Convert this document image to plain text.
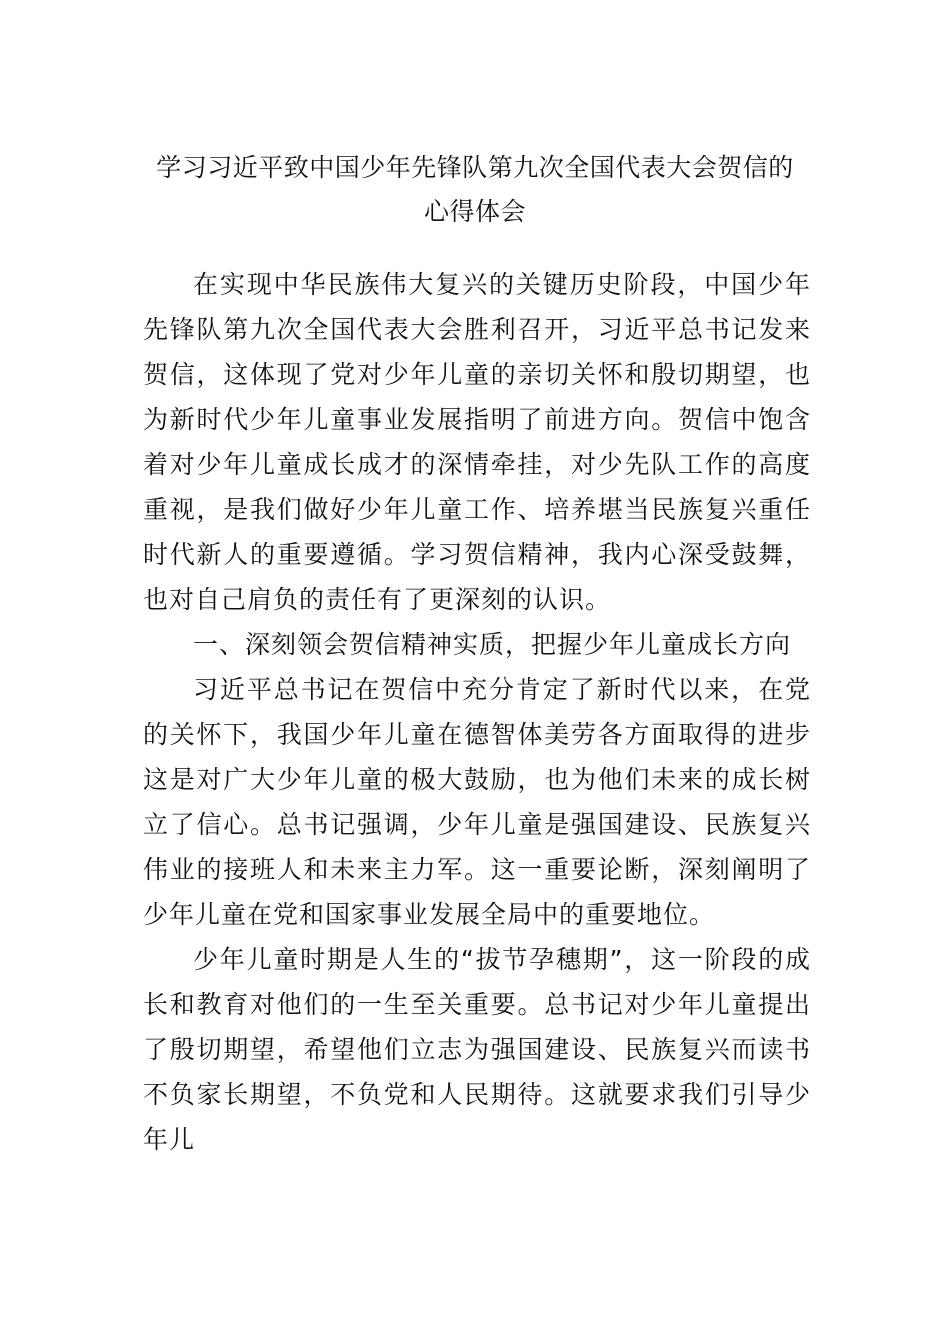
学习习近平致中国少年先锋队第九次全国代表大会贺信的
心得体会

在实现中华民族伟大复兴的关键历史阶段，中国少年先锋队第九次全国代表大会胜利召开，习近平总书记发来贺信，这体现了党对少年儿童的亲切关怀和殷切期望，也为新时代少年儿童事业发展指明了前进方向。贺信中饱含着对少年儿童成长成才的深情牵挂，对少先队工作的高度重视，是我们做好少年儿童工作、培养堪当民族复兴重任时代新人的重要遵循。学习贺信精神，我内心深受鼓舞，也对自己肩负的责任有了更深刻的认识。

一、深刻领会贺信精神实质，把握少年儿童成长方向

习近平总书记在贺信中充分肯定了新时代以来，在党的关怀下，我国少年儿童在德智体美劳各方面取得的进步这是对广大少年儿童的极大鼓励，也为他们未来的成长树立了信心。总书记强调，少年儿童是强国建设、民族复兴伟业的接班人和未来主力军。这一重要论断，深刻阐明了少年儿童在党和国家事业发展全局中的重要地位。

少年儿童时期是人生的“拔节孕穗期”，这一阶段的成长和教育对他们的一生至关重要。总书记对少年儿童提出了殷切期望，希望他们立志为强国建设、民族复兴而读书不负家长期望，不负党和人民期待。这就要求我们引导少年儿
